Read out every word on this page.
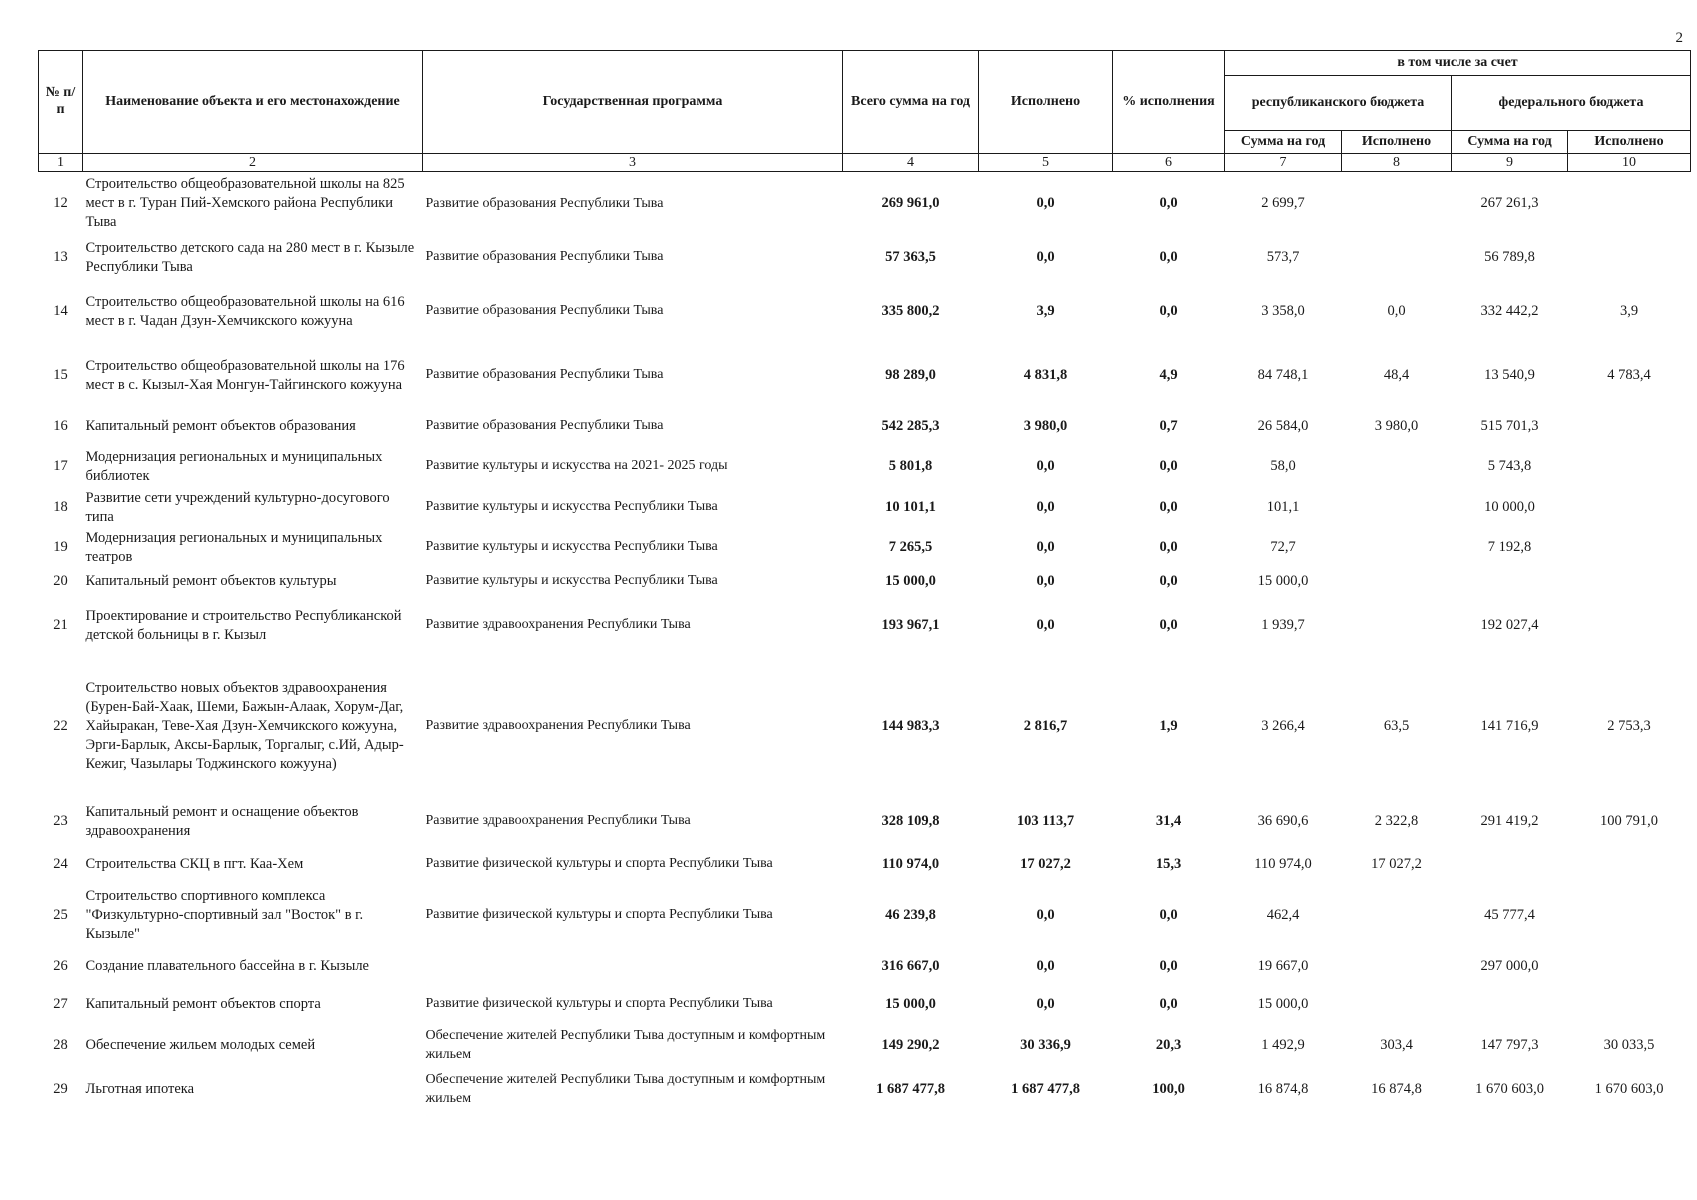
2
№ п/п	Наименование объекта и его местонахождение	Государственная программа	Всего сумма на год	Исполнено	% исполнения	в том числе за счет			
						республиканского бюджета		федерального бюджета	
						Сумма на год	Исполнено	Сумма на год	Исполнено
1	2	3	4	5	6	7	8	9	10
12	Строительство общеобразовательной школы на 825 мест в г. Туран Пий-Хемского района Республики Тыва	Развитие образования Республики Тыва	269 961,0	0,0	0,0	2 699,7		267 261,3	
13	Строительство детского сада на 280 мест в г. Кызыле Республики Тыва	Развитие образования Республики Тыва	57 363,5	0,0	0,0	573,7		56 789,8	
14	Строительство общеобразовательной школы на 616 мест в г. Чадан Дзун-Хемчикского кожууна	Развитие образования Республики Тыва	335 800,2	3,9	0,0	3 358,0	0,0	332 442,2	3,9
15	Строительство общеобразовательной школы на 176 мест в с. Кызыл-Хая Монгун-Тайгинского кожууна	Развитие образования Республики Тыва	98 289,0	4 831,8	4,9	84 748,1	48,4	13 540,9	4 783,4
16	Капитальный ремонт объектов образования	Развитие образования Республики Тыва	542 285,3	3 980,0	0,7	26 584,0	3 980,0	515 701,3	
17	Модернизация региональных и муниципальных библиотек	Развитие культуры и искусства на 2021- 2025 годы	5 801,8	0,0	0,0	58,0		5 743,8	
18	Развитие сети учреждений культурно-досугового типа	Развитие культуры и искусства Республики Тыва	10 101,1	0,0	0,0	101,1		10 000,0	
19	Модернизация региональных и муниципальных театров	Развитие культуры и искусства Республики Тыва	7 265,5	0,0	0,0	72,7		7 192,8	
20	Капитальный ремонт объектов культуры	Развитие культуры и искусства Республики Тыва	15 000,0	0,0	0,0	15 000,0			
21	Проектирование и строительство Республиканской детской больницы в г. Кызыл	Развитие здравоохранения Республики Тыва	193 967,1	0,0	0,0	1 939,7		192 027,4	
22	Строительство новых объектов здравоохранения (Бурен-Бай-Хаак, Шеми, Бажын-Алаак, Хорум-Даг, Хайыракан, Теве-Хая Дзун-Хемчикского кожууна, Эрги-Барлык, Аксы-Барлык, Торгалыг, с.Ий, Адыр-Кежиг, Чазылары Тоджинского кожууна)	Развитие здравоохранения Республики Тыва	144 983,3	2 816,7	1,9	3 266,4	63,5	141 716,9	2 753,3
23	Капитальный ремонт и оснащение объектов здравоохранения	Развитие здравоохранения Республики Тыва	328 109,8	103 113,7	31,4	36 690,6	2 322,8	291 419,2	100 791,0
24	Строительства СКЦ в пгт. Каа-Хем	Развитие физической культуры и спорта Республики Тыва	110 974,0	17 027,2	15,3	110 974,0	17 027,2		
25	Строительство спортивного комплекса "Физкультурно-спортивный зал "Восток" в г. Кызыле"	Развитие физической культуры и спорта Республики Тыва	46 239,8	0,0	0,0	462,4		45 777,4	
26	Создание плавательного бассейна в г. Кызыле		316 667,0	0,0	0,0	19 667,0		297 000,0	
27	Капитальный ремонт объектов спорта	Развитие физической культуры и спорта Республики Тыва	15 000,0	0,0	0,0	15 000,0			
28	Обеспечение жильем молодых семей	Обеспечение жителей Республики Тыва доступным и комфортным жильем	149 290,2	30 336,9	20,3	1 492,9	303,4	147 797,3	30 033,5
29	Льготная ипотека	Обеспечение жителей Республики Тыва доступным и комфортным жильем	1 687 477,8	1 687 477,8	100,0	16 874,8	16 874,8	1 670 603,0	1 670 603,0
